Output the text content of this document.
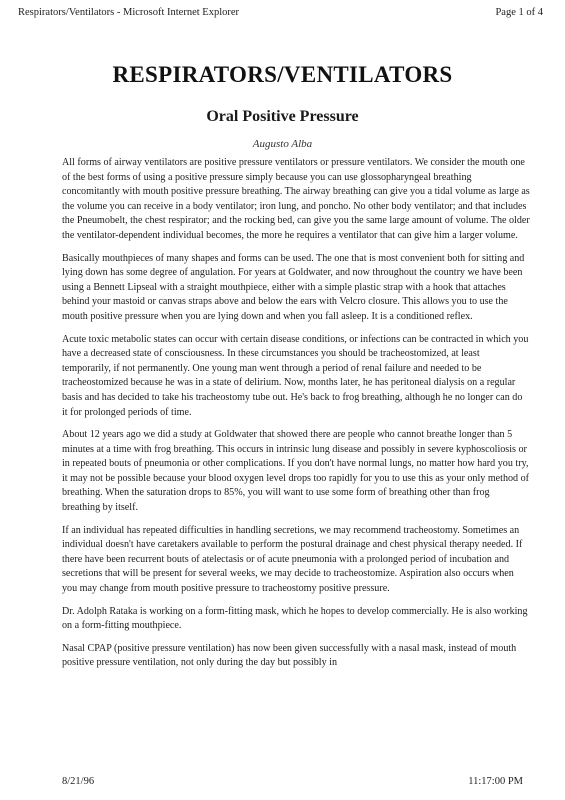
Respirators/Ventilators - Microsoft Internet Explorer	Page 1 of 4
RESPIRATORS/VENTILATORS
Oral Positive Pressure
Augusto Alba

All forms of airway ventilators are positive pressure ventilators or pressure ventilators. We consider the mouth one of the best forms of using a positive pressure simply because you can use glossopharyngeal breathing concomitantly with mouth positive pressure breathing. The airway breathing can give you a tidal volume as large as the volume you can receive in a body ventilator; iron lung, and poncho. No other body ventilator; and that includes the Pneumobelt, the chest respirator; and the rocking bed, can give you the same large amount of volume. The older the ventilator-dependent individual becomes, the more he requires a ventilator that can give him a larger volume.

Basically mouthpieces of many shapes and forms can be used. The one that is most convenient both for sitting and lying down has some degree of angulation. For years at Goldwater, and now throughout the country we have been using a Bennett Lipseal with a straight mouthpiece, either with a simple plastic strap with a hook that attaches behind your mastoid or canvas straps above and below the ears with Velcro closure. This allows you to use the mouth positive pressure when you are lying down and when you fall asleep. It is a conditioned reflex.

Acute toxic metabolic states can occur with certain disease conditions, or infections can be contracted in which you have a decreased state of consciousness. In these circumstances you should be tracheostomized, at least temporarily, if not permanently. One young man went through a period of renal failure and needed to be tracheostomized because he was in a state of delirium. Now, months later, he has peritoneal dialysis on a regular basis and has decided to take his tracheostomy tube out. He's back to frog breathing, although he no longer can do it for prolonged periods of time.

About 12 years ago we did a study at Goldwater that showed there are people who cannot breathe longer than 5 minutes at a time with frog breathing. This occurs in intrinsic lung disease and possibly in severe kyphoscoliosis or in repeated bouts of pneumonia or other complications. If you don't have normal lungs, no matter how hard you try, it may not be possible because your blood oxygen level drops too rapidly for you to use this as your only method of breathing. When the saturation drops to 85%, you will want to use some form of breathing other than frog breathing by itself.

If an individual has repeated difficulties in handling secretions, we may recommend tracheostomy. Sometimes an individual doesn't have caretakers available to perform the postural drainage and chest physical therapy needed. If there have been recurrent bouts of atelectasis or of acute pneumonia with a prolonged period of incubation and secretions that will be present for several weeks, we may decide to tracheostomize. Aspiration also occurs when you may change from mouth positive pressure to tracheostomy positive pressure.

Dr. Adolph Rataka is working on a form-fitting mask, which he hopes to develop commercially. He is also working on a form-fitting mouthpiece.

Nasal CPAP (positive pressure ventilation) has now been given successfully with a nasal mask, instead of mouth positive pressure ventilation, not only during the day but possibly in

8/21/96	11:17:00 PM
